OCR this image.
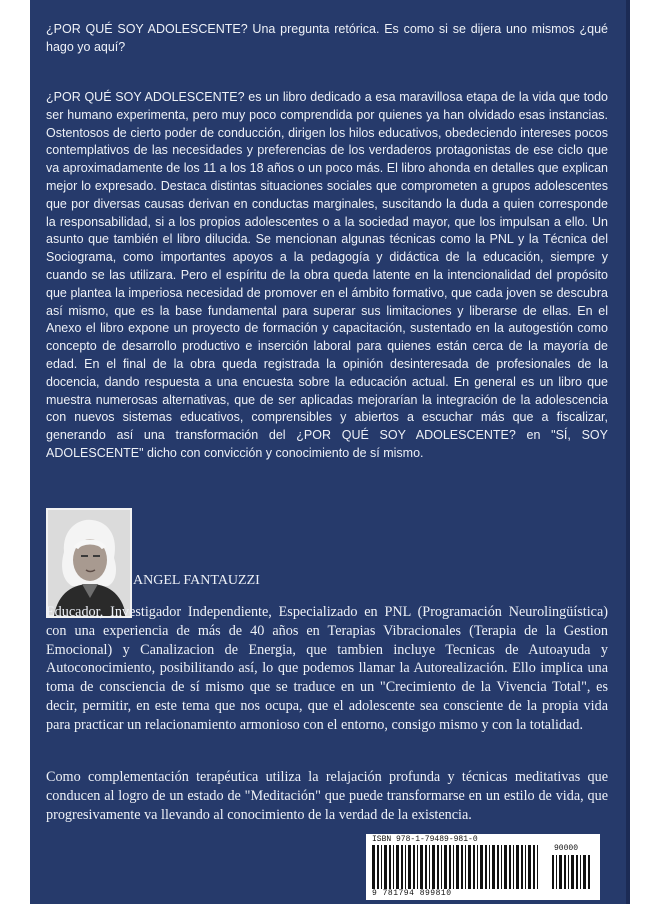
¿POR QUÉ SOY ADOLESCENTE? Una pregunta retórica. Es como si se dijera uno mismos ¿qué hago yo aquí?

¿POR QUÉ SOY ADOLESCENTE? es un libro dedicado a esa maravillosa etapa de la vida que todo ser humano experimenta, pero muy poco comprendida por quienes ya han olvidado esas instancias. Ostentosos de cierto poder de conducción, dirigen los hilos educativos, obedeciendo intereses pocos contemplativos de las necesidades y preferencias de los verdaderos protagonistas de ese ciclo que va aproximadamente de los 11 a los 18 años o un poco más. El libro ahonda en detalles que explican mejor lo expresado. Destaca distintas situaciones sociales que comprometen a grupos adolescentes que por diversas causas derivan en conductas marginales, suscitando la duda a quien corresponde la responsabilidad, si a los propios adolescentes o a la sociedad mayor, que los impulsan a ello. Un asunto que también el libro dilucida. Se mencionan algunas técnicas como la PNL y la Técnica del Sociograma, como importantes apoyos a la pedagogía y didáctica de la educación, siempre y cuando se las utilizara. Pero el espíritu de la obra queda latente en la intencionalidad del propósito que plantea la imperiosa necesidad de promover en el ámbito formativo, que cada joven se descubra así mismo, que es la base fundamental para superar sus limitaciones y liberarse de ellas. En el Anexo el libro expone un proyecto de formación y capacitación, sustentado en la autogestión como concepto de desarrollo productivo e inserción laboral para quienes están cerca de la mayoría de edad. En el final de la obra queda registrada la opinión desinteresada de profesionales de la docencia, dando respuesta a una encuesta sobre la educación actual. En general es un libro que muestra numerosas alternativas, que de ser aplicadas mejorarían la integración de la adolescencia con nuevos sistemas educativos, comprensibles y abiertos a escuchar más que a fiscalizar, generando así una transformación del ¿POR QUÉ SOY ADOLESCENTE? en "SÍ, SOY ADOLESCENTE" dicho con convicción y conocimiento de sí mismo.

ANGEL FANTAUZZI

Educador, Investigador Independiente, Especializado en PNL (Programación Neurolingüística) con una experiencia de más de 40 años en Terapias Vibracionales (Terapia de la Gestion Emocional) y Canalizacion de Energia, que tambien incluye Tecnicas de Autoayuda y Autoconocimiento, posibilitando así, lo que podemos llamar la Autorealización. Ello implica una toma de consciencia de sí mismo que se traduce en un "Crecimiento de la Vivencia Total", es decir, permitir, en este tema que nos ocupa, que el adolescente sea consciente de la propia vida para practicar un relacionamiento armonioso con el entorno, consigo mismo y con la totalidad.

Como complementación terapéutica utiliza la relajación profunda y técnicas meditativas que conducen al logro de un estado de "Meditación" que puede transformarse en un estilo de vida, que progresivamente va llevando al conocimiento de la verdad de la existencia.

ISBN 978-1-79489-981-0
90000
9 781794 899810
